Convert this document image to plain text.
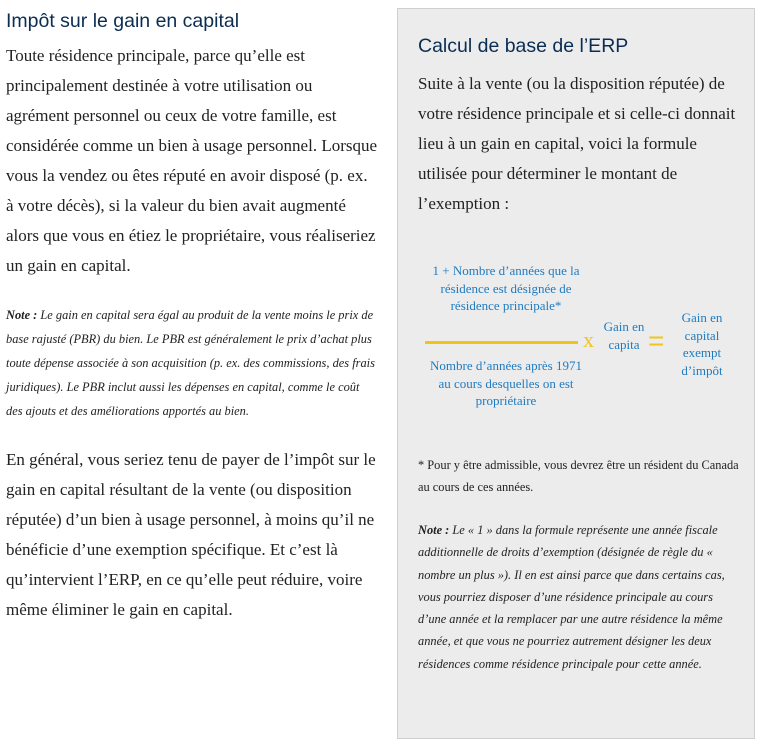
Impôt sur le gain en capital

Toute résidence principale, parce qu’elle est principalement destinée à votre utilisation ou agrément personnel ou ceux de votre famille, est considérée comme un bien à usage personnel. Lorsque vous la vendez ou êtes réputé en avoir disposé (p. ex. à votre décès), si la valeur du bien avait augmenté alors que vous en étiez le propriétaire, vous réaliseriez un gain en capital.

Note : Le gain en capital sera égal au produit de la vente moins le prix de base rajusté (PBR) du bien. Le PBR est généralement le prix d’achat plus toute dépense associée à son acquisition (p. ex. des commissions, des frais juridiques). Le PBR inclut aussi les dépenses en capital, comme le coût des ajouts et des améliorations apportés au bien.

En général, vous seriez tenu de payer de l’impôt sur le gain en capital résultant de la vente (ou disposition réputée) d’un bien à usage personnel, à moins qu’il ne bénéficie d’une exemption spécifique. Et c’est là qu’intervient l’ERP, en ce qu’elle peut réduire, voire même éliminer le gain en capital.

Calcul de base de l’ERP

Suite à la vente (ou la disposition réputée) de votre résidence principale et si celle-ci donnait lieu à un gain en capital, voici la formule utilisée pour déterminer le montant de l’exemption :

1 + Nombre d’années que la résidence est désignée de résidence principale*
Nombre d’années après 1971 au cours desquelles on est propriétaire
x
Gain en capita =
Gain en capital exempt d’impôt

* Pour y être admissible, vous devrez être un résident du Canada au cours de ces années.

Note : Le « 1 » dans la formule représente une année fiscale additionnelle de droits d’exemption (désignée de règle du « nombre un plus »). Il en est ainsi parce que dans certains cas, vous pourriez disposer d’une résidence principale au cours d’une année et la remplacer par une autre résidence la même année, et que vous ne pourriez autrement désigner les deux résidences comme résidence principale pour cette année.
